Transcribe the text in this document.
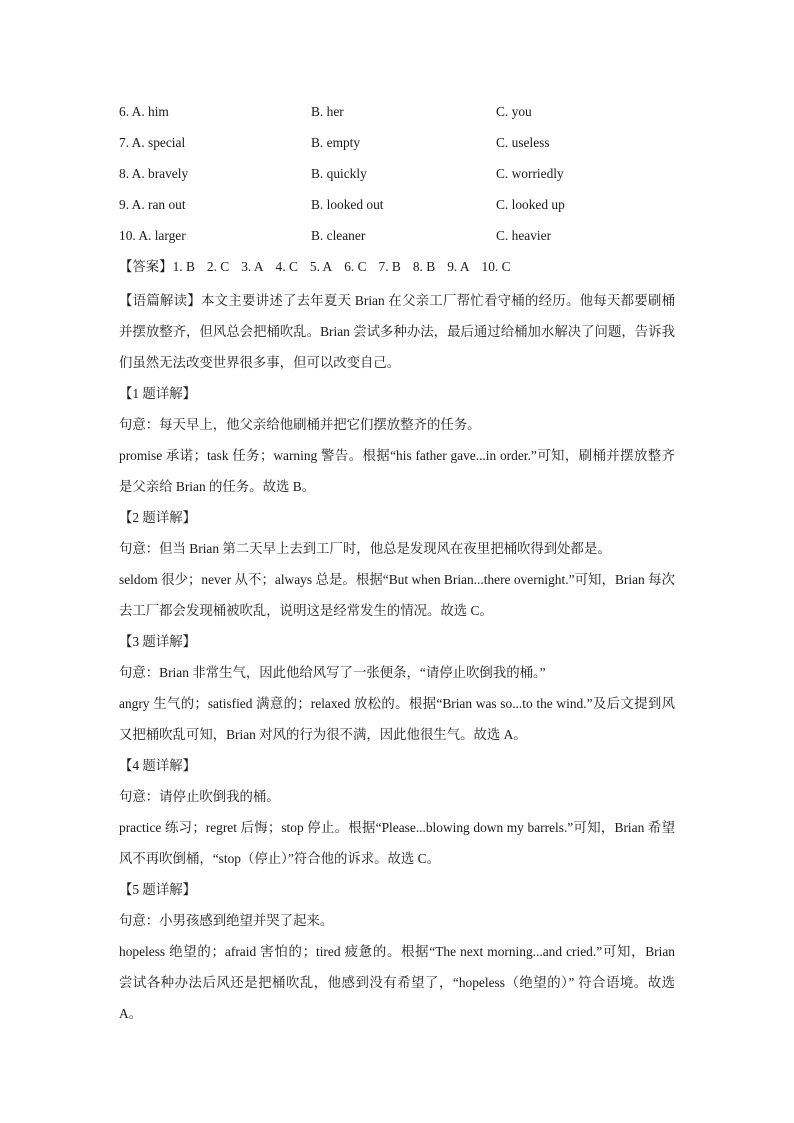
6. A. him	B. her	C. you
7. A. special	B. empty	C. useless
8. A. bravely	B. quickly	C. worriedly
9. A. ran out	B. looked out	C. looked up
10. A. larger	B. cleaner	C. heavier
【答案】1. B 2. C 3. A 4. C 5. A 6. C 7. B 8. B 9. A 10. C

【语篇解读】本文主要讲述了去年夏天 Brian 在父亲工厂帮忙看守桶的经历。他每天都要刷桶并摆放整齐，但风总会把桶吹乱。Brian 尝试多种办法，最后通过给桶加水解决了问题，告诉我们虽然无法改变世界很多事，但可以改变自己。

【1 题详解】

句意：每天早上，他父亲给他刷桶并把它们摆放整齐的任务。

promise 承诺；task 任务；warning 警告。根据“his father gave...in order.”可知，刷桶并摆放整齐是父亲给 Brian 的任务。故选 B。

【2 题详解】

句意：但当 Brian 第二天早上去到工厂时，他总是发现风在夜里把桶吹得到处都是。

seldom 很少；never 从不；always 总是。根据“But when Brian...there overnight.”可知，Brian 每次去工厂都会发现桶被吹乱，说明这是经常发生的情况。故选 C。

【3 题详解】

句意：Brian 非常生气，因此他给风写了一张便条，“请停止吹倒我的桶。”

angry 生气的；satisfied 满意的；relaxed 放松的。根据“Brian was so...to the wind.”及后文提到风又把桶吹乱可知，Brian 对风的行为很不满，因此他很生气。故选 A。

【4 题详解】

句意：请停止吹倒我的桶。

practice 练习；regret 后悔；stop 停止。根据“Please...blowing down my barrels.”可知，Brian 希望风不再吹倒桶，“stop（停止）”符合他的诉求。故选 C。

【5 题详解】

句意：小男孩感到绝望并哭了起来。

hopeless 绝望的；afraid 害怕的；tired 疲惫的。根据“The next morning...and cried.”可知，Brian 尝试各种办法后风还是把桶吹乱，他感到没有希望了，“hopeless（绝望的）” 符合语境。故选 A。
